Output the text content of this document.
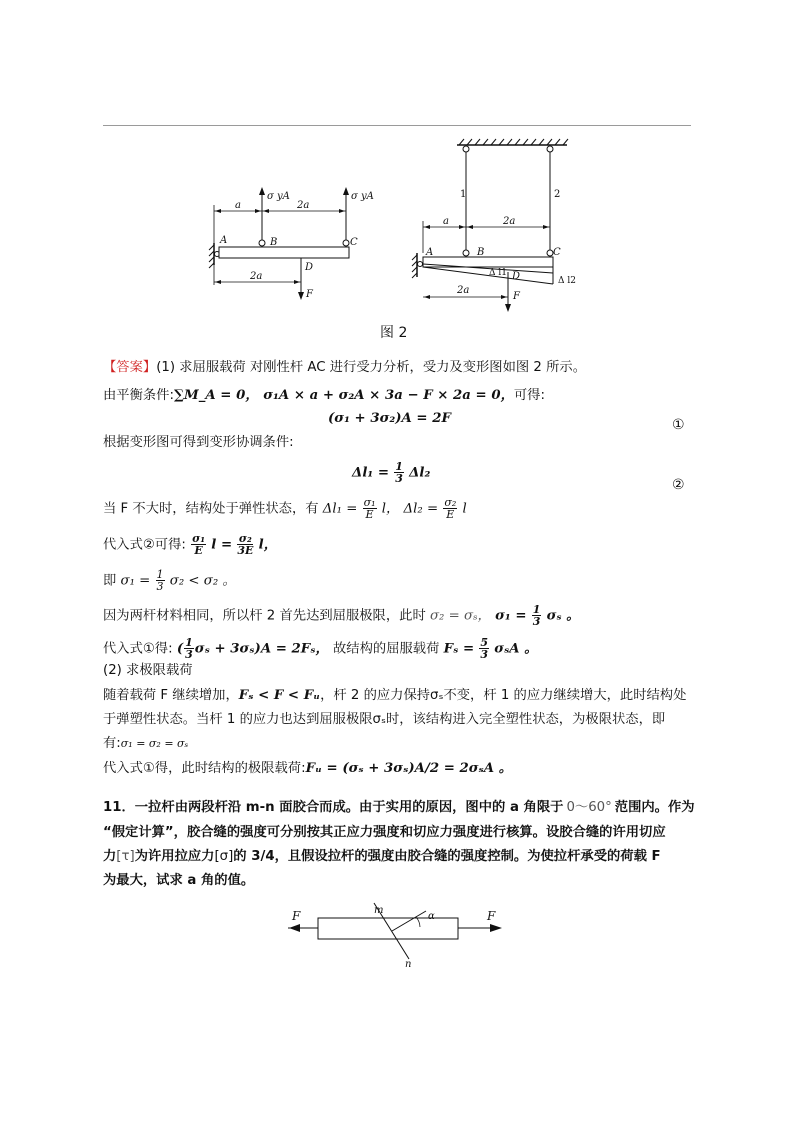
σ yA	σ yA
a	2a
A	B	C
D
2a
F
1	2
a	2a
A	B	C
D
Δ l1
Δ l2
2a
F
图 2
【答案】(1) 求屈服载荷 对刚性杆 AC 进行受力分析，受力及变形图如图 2 所示。
由平衡条件:∑M_A = 0， σ₁A × a + σ₂A × 3a − F × 2a = 0，可得:
(σ₁ + 3σ₂)A = 2F	①
根据变形图可得到变形协调条件:
$\Delta l_1 = \frac{1}{3} \Delta l_2$
②
当 F 不大时，结构处于弹性状态，有 $\Delta l_1 = \frac{\text{σ₁}}{E}$ l， $\Delta l_2 = \frac{\text{σ₂}}{E}$ l
代入式②可得: $\frac{\text{σ₁}}{E}$ $l = \frac{\text{σ₂}}{3E}$ l，
即 $\sigma_1 = \frac{1}{3} \sigma_2 < \sigma_2$ 。
因为两杆材料相同，所以杆 2 首先达到屈服极限，此时 σ₂ = σₛ， $\sigma_1 = \frac{1}{3}$ σₛ 。
代入式①得: ( $\frac{1}{3}$ σₛ + 3σₛ)A = 2Fₛ， 故结构的屈服载荷 $F_s = \frac{5}{3}$ σₛA 。
(2) 求极限载荷
随着载荷 F 继续增加，Fₛ < F < Fᵤ，杆 2 的应力保持σₛ不变，杆 1 的应力继续增大，此时结构处
于弹塑性状态。当杆 1 的应力也达到屈服极限σₛ时，该结构进入完全塑性状态，为极限状态，即
有:σ₁ = σ₂ = σₛ
代入式①得，此时结构的极限载荷:Fᵤ = (σₛ + 3σₛ)A/2 = 2σₛA 。
11．一拉杆由两段杆沿 m-n 面胶合而成。由于实用的原因，图中的 a 角限于 0～60° 范围内。作为
“假定计算”，胶合缝的强度可分别按其正应力强度和切应力强度进行核算。设胶合缝的许用切应
力[τ]为许用拉应力[σ]的 3/4，且假设拉杆的强度由胶合缝的强度控制。为使拉杆承受的荷载 F
为最大，试求 a 角的值。
F	F
m
n
α
